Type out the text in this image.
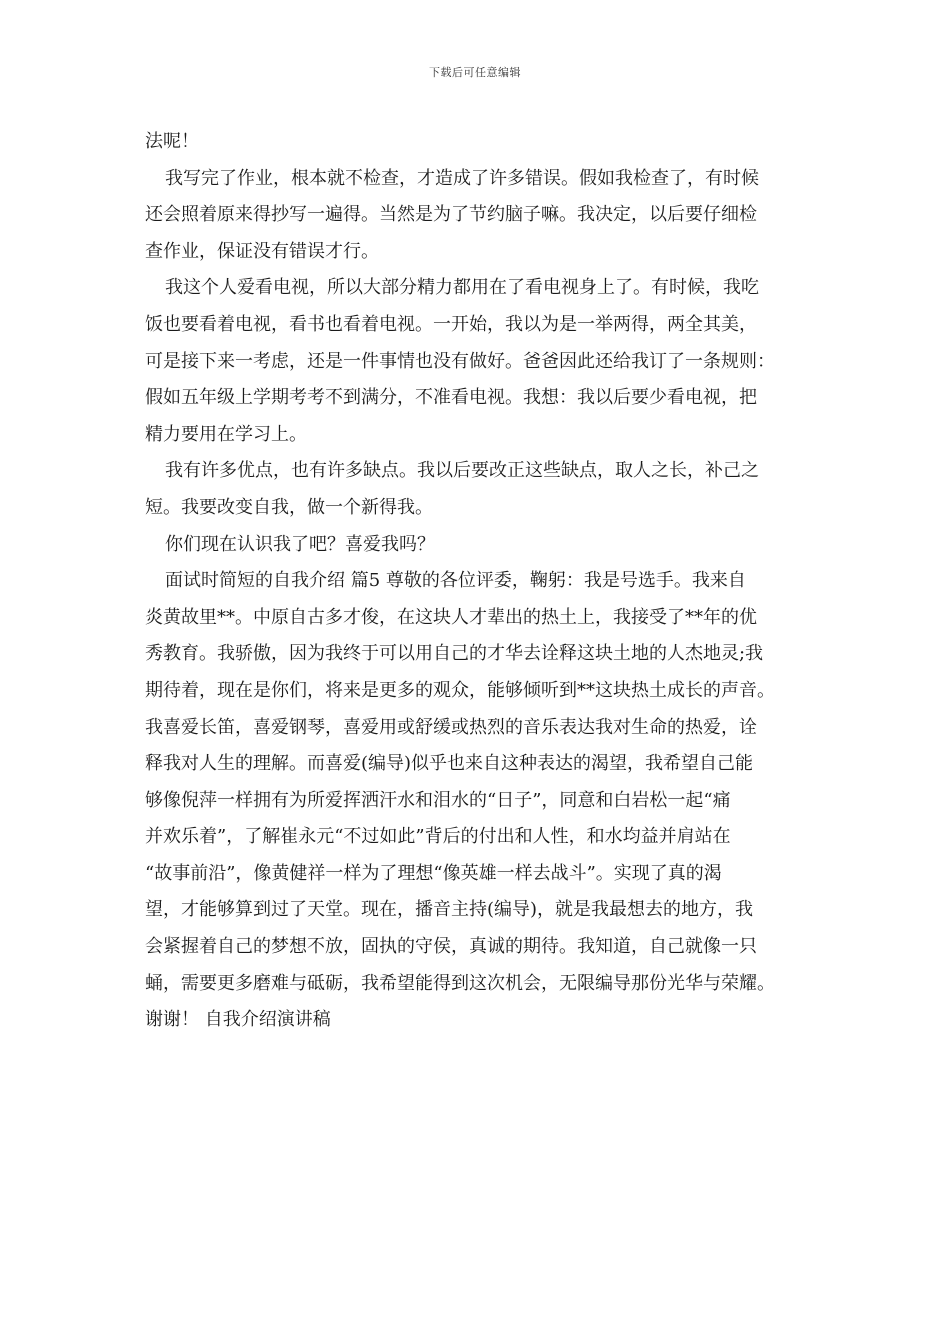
下载后可任意编辑
法呢！
我写完了作业，根本就不检查，才造成了许多错误。假如我检查了，有时候
还会照着原来得抄写一遍得。当然是为了节约脑子嘛。我决定，以后要仔细检
查作业，保证没有错误才行。
我这个人爱看电视，所以大部分精力都用在了看电视身上了。有时候，我吃
饭也要看着电视，看书也看着电视。一开始，我以为是一举两得，两全其美，
可是接下来一考虑，还是一件事情也没有做好。爸爸因此还给我订了一条规则：
假如五年级上学期考考不到满分，不准看电视。我想：我以后要少看电视，把
精力要用在学习上。
我有许多优点，也有许多缺点。我以后要改正这些缺点，取人之长，补己之
短。我要改变自我，做一个新得我。
你们现在认识我了吧？喜爱我吗？
面试时简短的自我介绍 篇5 尊敬的各位评委，鞠躬：我是号选手。我来自
炎黄故里**。中原自古多才俊，在这块人才辈出的热土上，我接受了**年的优
秀教育。我骄傲，因为我终于可以用自己的才华去诠释这块土地的人杰地灵;我
期待着，现在是你们，将来是更多的观众，能够倾听到**这块热土成长的声音。
我喜爱长笛，喜爱钢琴，喜爱用或舒缓或热烈的音乐表达我对生命的热爱，诠
释我对人生的理解。而喜爱(编导)似乎也来自这种表达的渴望，我希望自己能
够像倪萍一样拥有为所爱挥洒汗水和泪水的“日子”，同意和白岩松一起“痛
并欢乐着”，了解崔永元“不过如此”背后的付出和人性，和水均益并肩站在
“故事前沿”，像黄健祥一样为了理想“像英雄一样去战斗”。实现了真的渴
望，才能够算到过了天堂。现在，播音主持(编导)，就是我最想去的地方，我
会紧握着自己的梦想不放，固执的守侯，真诚的期待。我知道，自己就像一只
蛹，需要更多磨难与砥砺，我希望能得到这次机会，无限编导那份光华与荣耀。
谢谢！ 自我介绍演讲稿
